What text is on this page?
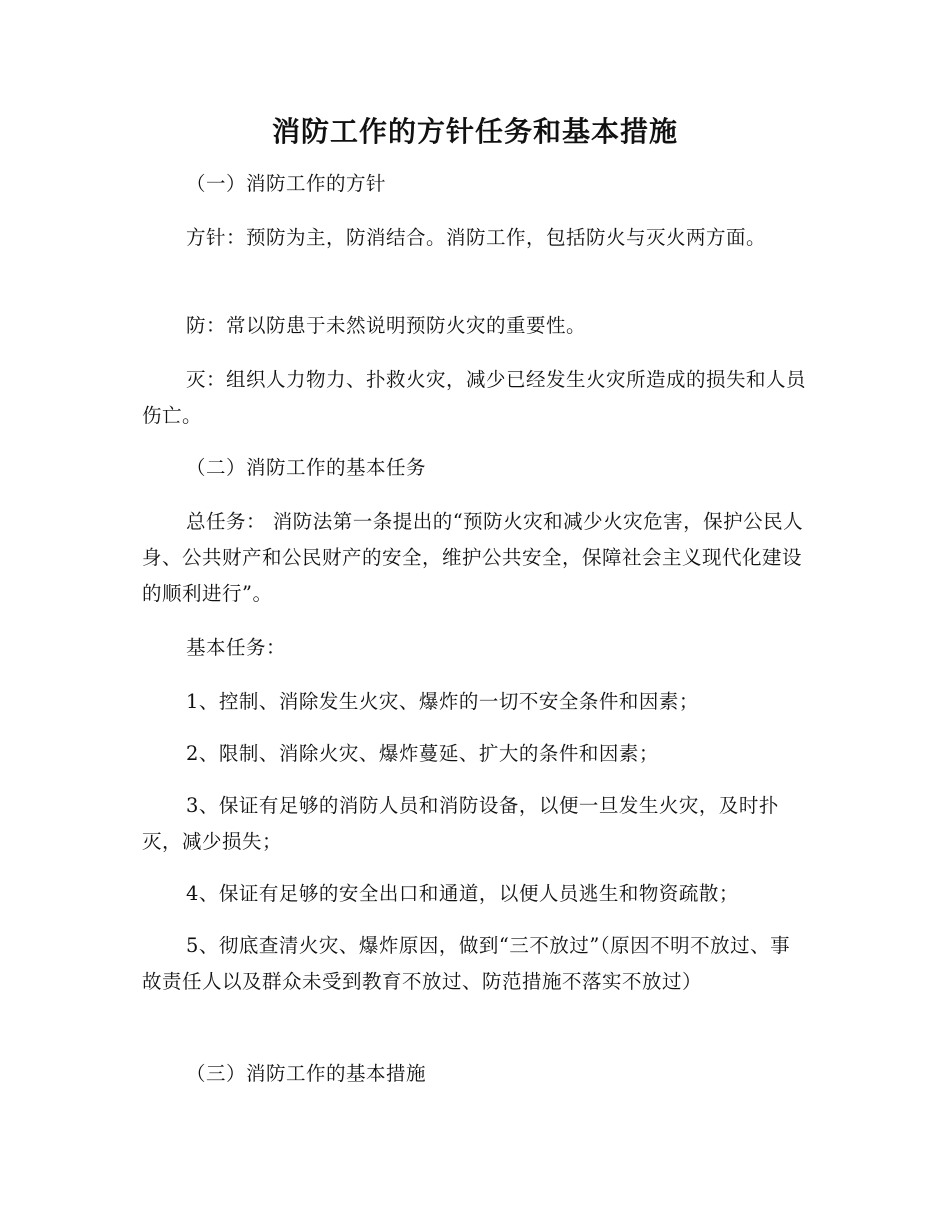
消防工作的方针任务和基本措施
（一）消防工作的方针
方针：预防为主，防消结合。消防工作，包括防火与灭火两方面。
防：常以防患于未然说明预防火灾的重要性。
灭：组织人力物力、扑救火灾，减少已经发生火灾所造成的损失和人员伤亡。
（二）消防工作的基本任务
总任务： 消防法第一条提出的“预防火灾和减少火灾危害，保护公民人身、公共财产和公民财产的安全，维护公共安全，保障社会主义现代化建设的顺利进行”。
基本任务：
1、控制、消除发生火灾、爆炸的一切不安全条件和因素；
2、限制、消除火灾、爆炸蔓延、扩大的条件和因素；
3、保证有足够的消防人员和消防设备，以便一旦发生火灾，及时扑灭，减少损失；
4、保证有足够的安全出口和通道，以便人员逃生和物资疏散；
5、彻底查清火灾、爆炸原因，做到“三不放过”（原因不明不放过、事故责任人以及群众未受到教育不放过、防范措施不落实不放过）
（三）消防工作的基本措施
